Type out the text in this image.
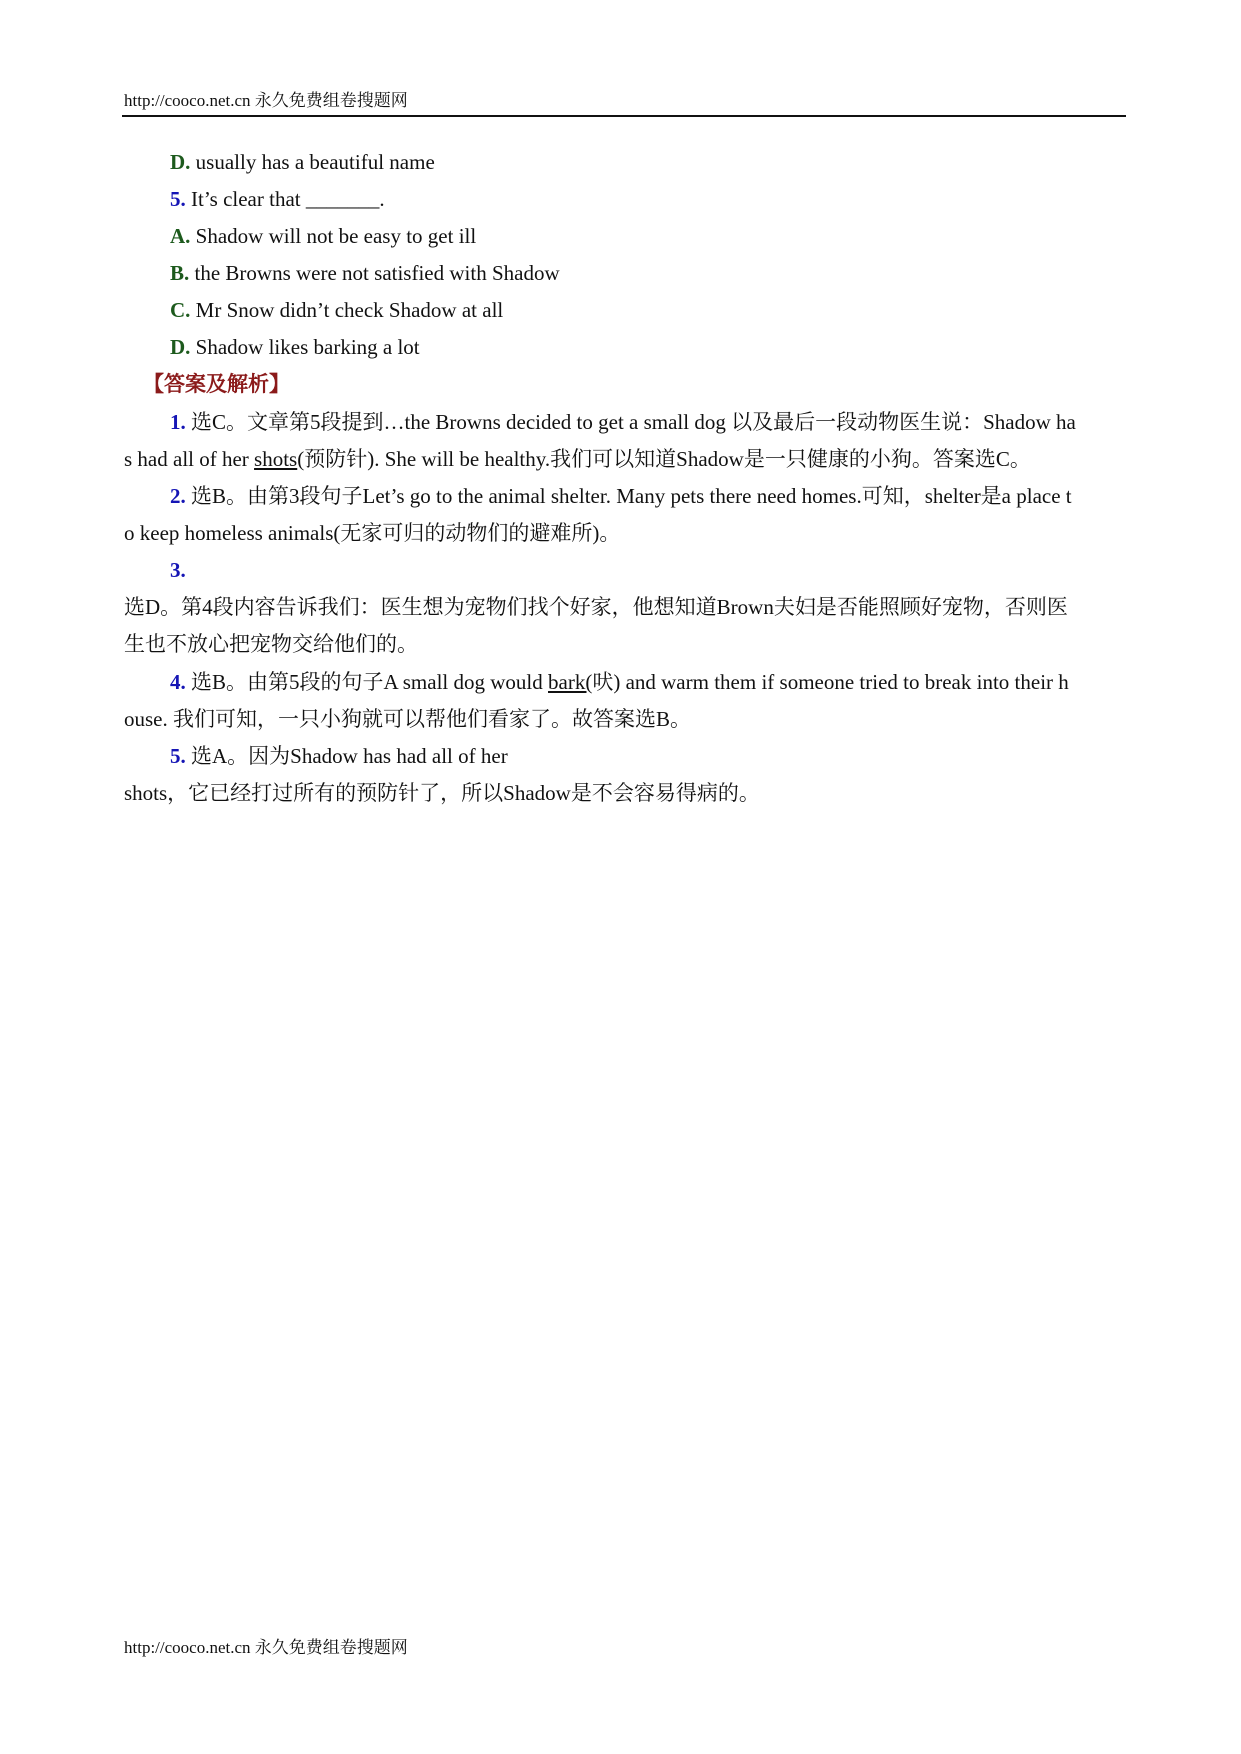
http://cooco.net.cn 永久免费组卷搜题网
D. usually has a beautiful name
5. It’s clear that _______.
A. Shadow will not be easy to get ill
B. the Browns were not satisfied with Shadow
C. Mr Snow didn’t check Shadow at all
D. Shadow likes barking a lot
【答案及解析】
1. 选C。文章第5段提到…the Browns decided to get a small dog 以及最后一段动物医生说：Shadow ha
s had all of her shots(预防针). She will be healthy.我们可以知道Shadow是一只健康的小狗。答案选C。
2. 选B。由第3段句子Let’s go to the animal shelter. Many pets there need homes.可知，shelter是a place t
o keep homeless animals(无家可归的动物们的避难所)。
3.
选D。第4段内容告诉我们：医生想为宠物们找个好家，他想知道Brown夫妇是否能照顾好宠物，否则医
生也不放心把宠物交给他们的。
4. 选B。由第5段的句子A small dog would bark(吠) and warm them if someone tried to break into their h
ouse. 我们可知，一只小狗就可以帮他们看家了。故答案选B。
5. 选A。因为Shadow has had all of her
shots，它已经打过所有的预防针了，所以Shadow是不会容易得病的。
http://cooco.net.cn 永久免费组卷搜题网
